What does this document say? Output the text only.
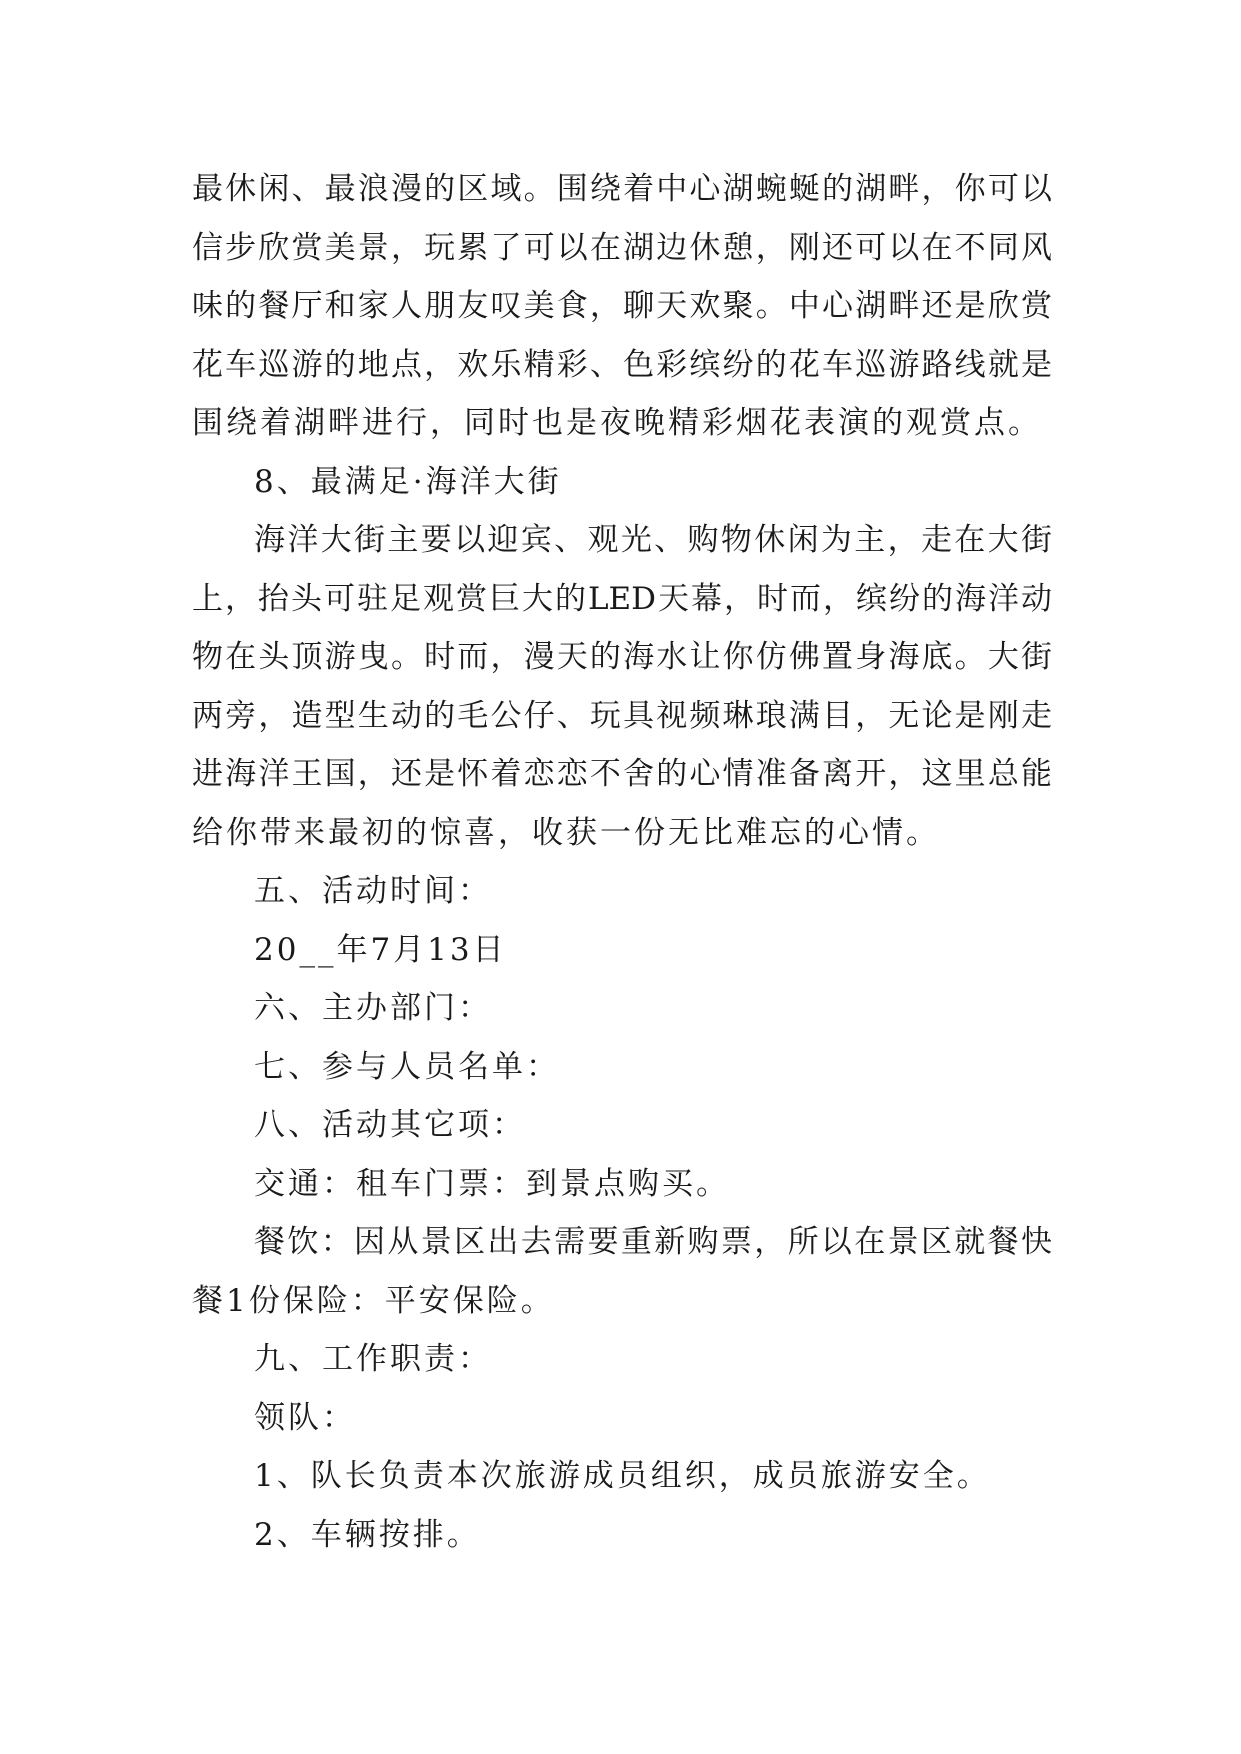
最休闲、最浪漫的区域。围绕着中心湖蜿蜒的湖畔，你可以
信步欣赏美景，玩累了可以在湖边休憩，刚还可以在不同风
味的餐厅和家人朋友叹美食，聊天欢聚。中心湖畔还是欣赏
花车巡游的地点，欢乐精彩、色彩缤纷的花车巡游路线就是
围绕着湖畔进行，同时也是夜晚精彩烟花表演的观赏点。
8、最满足·海洋大街
海洋大街主要以迎宾、观光、购物休闲为主，走在大街
上，抬头可驻足观赏巨大的LED天幕，时而，缤纷的海洋动
物在头顶游曳。时而，漫天的海水让你仿佛置身海底。大街
两旁，造型生动的毛公仔、玩具视频琳琅满目，无论是刚走
进海洋王国，还是怀着恋恋不舍的心情准备离开，这里总能
给你带来最初的惊喜，收获一份无比难忘的心情。
五、活动时间：
20__年7月13日
六、主办部门：
七、参与人员名单：
八、活动其它项：
交通：租车门票：到景点购买。
餐饮：因从景区出去需要重新购票，所以在景区就餐快
餐1份保险：平安保险。
九、工作职责：
领队：
1、队长负责本次旅游成员组织，成员旅游安全。
2、车辆按排。
